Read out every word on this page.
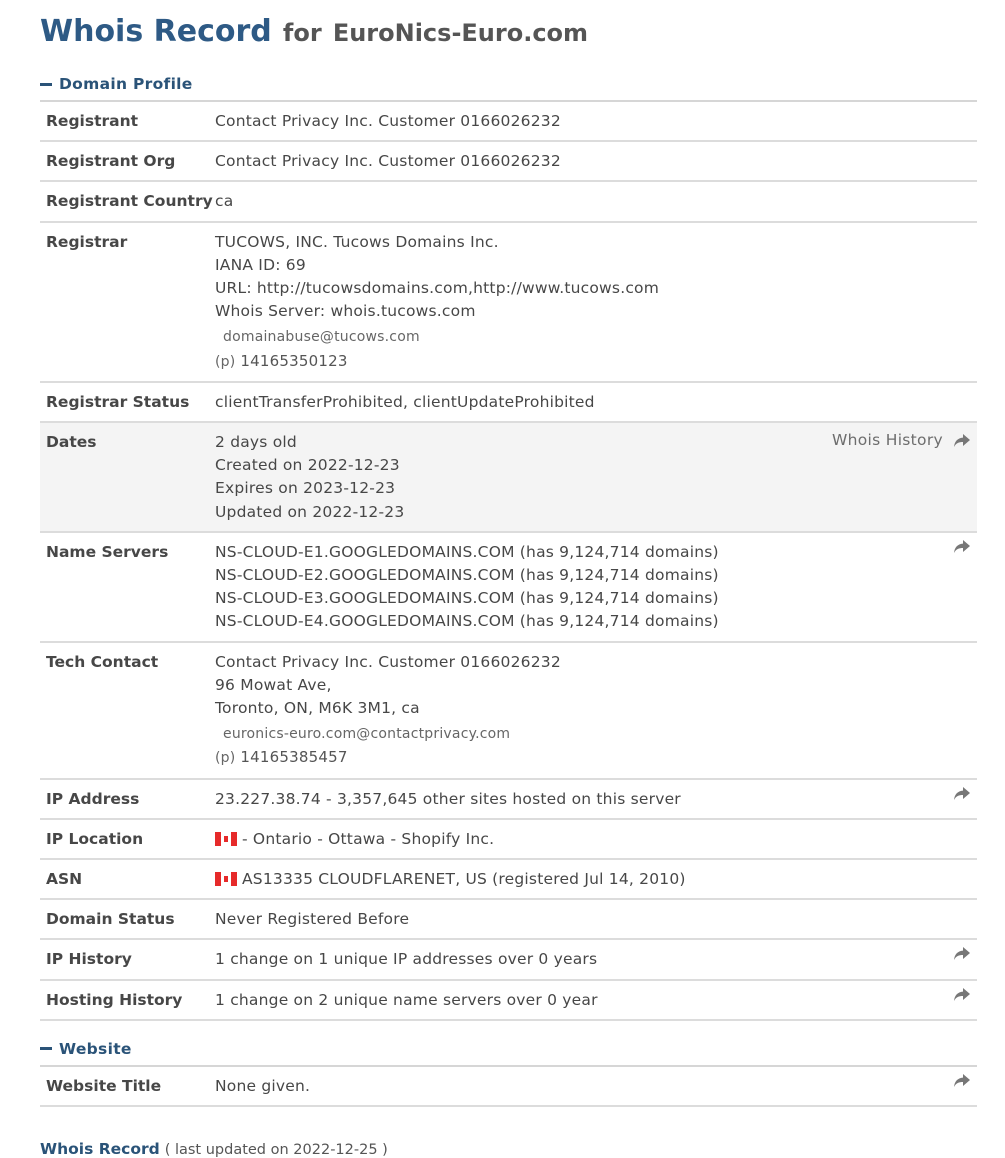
Whois Record for EuroNics-Euro.com
Domain Profile
Registrant	Contact Privacy Inc. Customer 0166026232
Registrant Org	Contact Privacy Inc. Customer 0166026232
Registrant Country ca
Registrar	TUCOWS, INC. Tucows Domains Inc.
IANA ID: 69
URL: http://tucowsdomains.com,http://www.tucows.com
Whois Server: whois.tucows.com
domainabuse@tucows.com
(p) 14165350123
Registrar Status	clientTransferProhibited, clientUpdateProhibited
Dates	2 days old
Created on 2022-12-23
Expires on 2023-12-23
Updated on 2022-12-23
Whois History
Name Servers	NS-CLOUD-E1.GOOGLEDOMAINS.COM (has 9,124,714 domains)
NS-CLOUD-E2.GOOGLEDOMAINS.COM (has 9,124,714 domains)
NS-CLOUD-E3.GOOGLEDOMAINS.COM (has 9,124,714 domains)
NS-CLOUD-E4.GOOGLEDOMAINS.COM (has 9,124,714 domains)
Tech Contact	Contact Privacy Inc. Customer 0166026232
96 Mowat Ave,
Toronto, ON, M6K 3M1, ca
euronics-euro.com@contactprivacy.com
(p) 14165385457
IP Address	23.227.38.74 - 3,357,645 other sites hosted on this server
IP Location	- Ontario - Ottawa - Shopify Inc.
ASN	AS13335 CLOUDFLARENET, US (registered Jul 14, 2010)
Domain Status	Never Registered Before
IP History	1 change on 1 unique IP addresses over 0 years
Hosting History	1 change on 2 unique name servers over 0 year
Website
Website Title	None given.
Whois Record ( last updated on 2022-12-25 )
